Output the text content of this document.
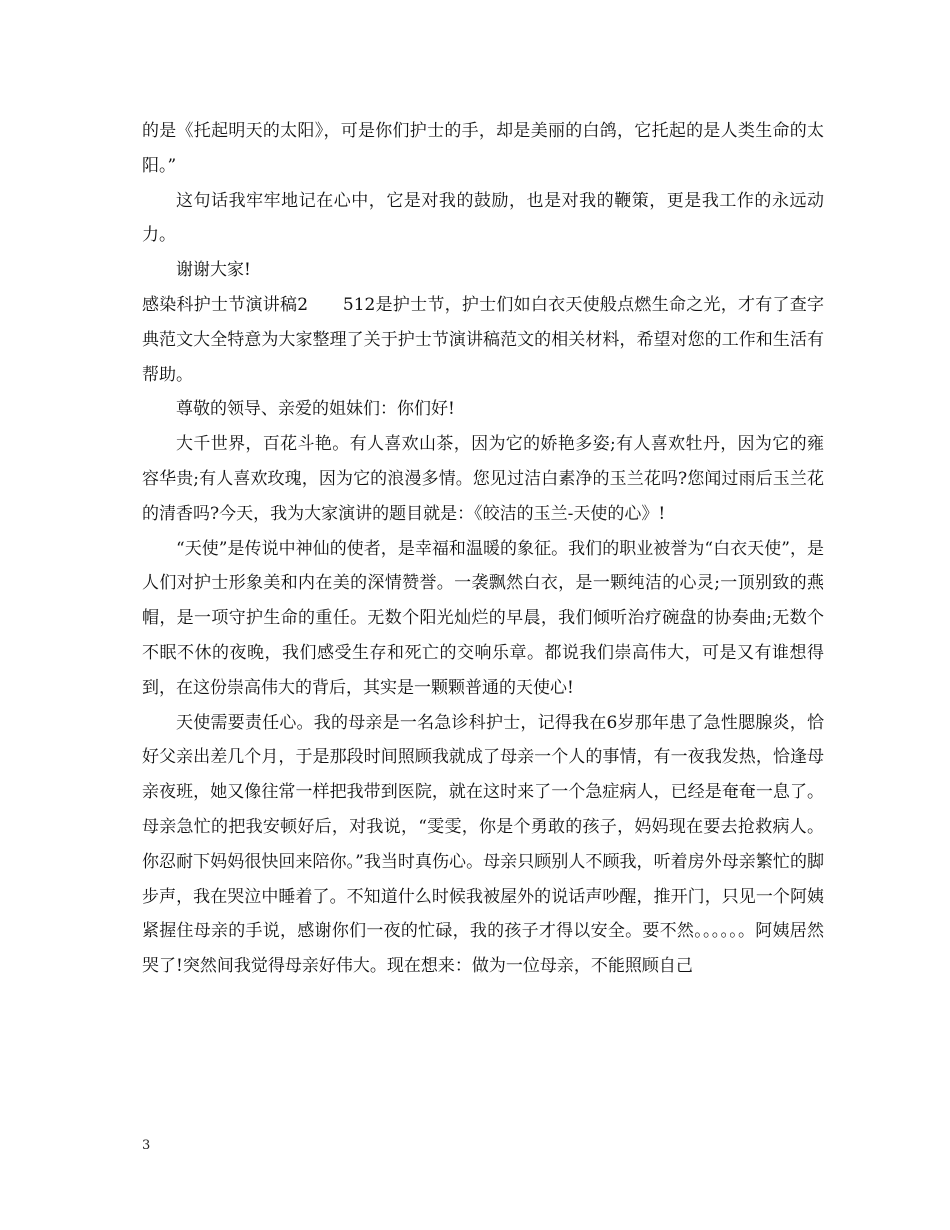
的是《托起明天的太阳》，可是你们护士的手，却是美丽的白鸽，它托起的是人类生命的太阳。”

这句话我牢牢地记在心中，它是对我的鼓励，也是对我的鞭策，更是我工作的永远动力。

谢谢大家!

感染科护士节演讲稿2　　512是护士节，护士们如白衣天使般点燃生命之光，才有了查字典范文大全特意为大家整理了关于护士节演讲稿范文的相关材料，希望对您的工作和生活有帮助。

尊敬的领导、亲爱的姐妹们：你们好!

大千世界，百花斗艳。有人喜欢山茶，因为它的娇艳多姿;有人喜欢牡丹，因为它的雍容华贵;有人喜欢玫瑰，因为它的浪漫多情。您见过洁白素净的玉兰花吗?您闻过雨后玉兰花的清香吗?今天，我为大家演讲的题目就是：《皎洁的玉兰-天使的心》!

“天使”是传说中神仙的使者，是幸福和温暖的象征。我们的职业被誉为“白衣天使”，是人们对护士形象美和内在美的深情赞誉。一袭飘然白衣，是一颗纯洁的心灵;一顶别致的燕帽，是一项守护生命的重任。无数个阳光灿烂的早晨，我们倾听治疗碗盘的协奏曲;无数个不眠不休的夜晚，我们感受生存和死亡的交响乐章。都说我们崇高伟大，可是又有谁想得到，在这份崇高伟大的背后，其实是一颗颗普通的天使心!

天使需要责任心。我的母亲是一名急诊科护士，记得我在6岁那年患了急性腮腺炎，恰好父亲出差几个月，于是那段时间照顾我就成了母亲一个人的事情，有一夜我发热，恰逢母亲夜班，她又像往常一样把我带到医院，就在这时来了一个急症病人，已经是奄奄一息了。母亲急忙的把我安顿好后，对我说，“雯雯，你是个勇敢的孩子，妈妈现在要去抢救病人。你忍耐下妈妈很快回来陪你。”我当时真伤心。母亲只顾别人不顾我，听着房外母亲繁忙的脚步声，我在哭泣中睡着了。不知道什么时候我被屋外的说话声吵醒，推开门，只见一个阿姨紧握住母亲的手说，感谢你们一夜的忙碌，我的孩子才得以安全。要不然。。。。。。阿姨居然哭了!突然间我觉得母亲好伟大。现在想来：做为一位母亲，不能照顾自己

3
